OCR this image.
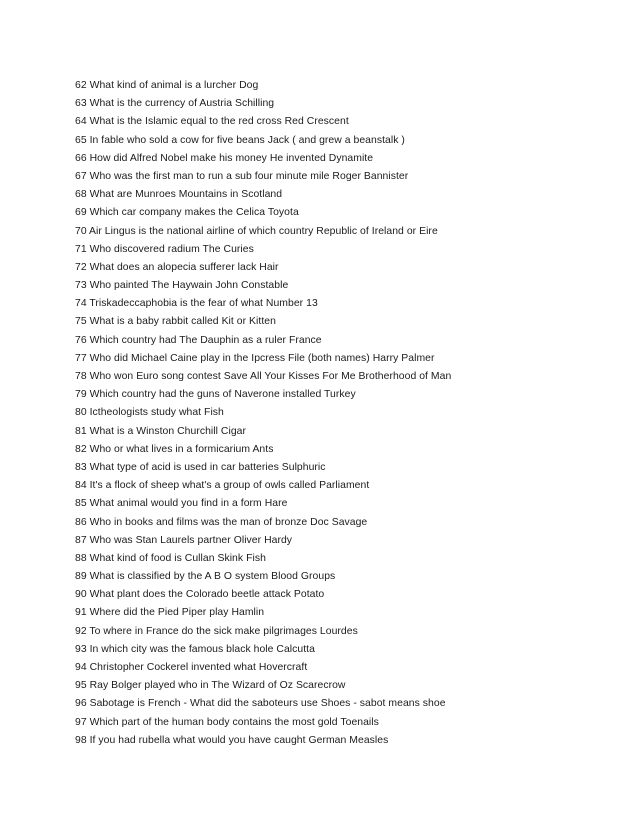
62 What kind of animal is a lurcher Dog
63 What is the currency of Austria Schilling
64 What is the Islamic equal to the red cross Red Crescent
65 In fable who sold a cow for five beans Jack ( and grew a beanstalk )
66 How did Alfred Nobel make his money He invented Dynamite
67 Who was the first man to run a sub four minute mile Roger Bannister
68 What are Munroes Mountains in Scotland
69 Which car company makes the Celica Toyota
70 Air Lingus is the national airline of which country Republic of Ireland or Eire
71 Who discovered radium The Curies
72 What does an alopecia sufferer lack Hair
73 Who painted The Haywain John Constable
74 Triskadeccaphobia is the fear of what Number 13
75 What is a baby rabbit called Kit or Kitten
76 Which country had The Dauphin as a ruler France
77 Who did Michael Caine play in the Ipcress File (both names) Harry Palmer
78 Who won Euro song contest Save All Your Kisses For Me Brotherhood of Man
79 Which country had the guns of Naverone installed Turkey
80 Ictheologists study what Fish
81 What is a Winston Churchill Cigar
82 Who or what lives in a formicarium Ants
83 What type of acid is used in car batteries Sulphuric
84 It's a flock of sheep what's a group of owls called Parliament
85 What animal would you find in a form Hare
86 Who in books and films was the man of bronze Doc Savage
87 Who was Stan Laurels partner Oliver Hardy
88 What kind of food is Cullan Skink Fish
89 What is classified by the A B O system Blood Groups
90 What plant does the Colorado beetle attack Potato
91 Where did the Pied Piper play Hamlin
92 To where in France do the sick make pilgrimages Lourdes
93 In which city was the famous black hole Calcutta
94 Christopher Cockerel invented what Hovercraft
95 Ray Bolger played who in The Wizard of Oz Scarecrow
96 Sabotage is French - What did the saboteurs use Shoes - sabot means shoe
97 Which part of the human body contains the most gold Toenails
98 If you had rubella what would you have caught German Measles
